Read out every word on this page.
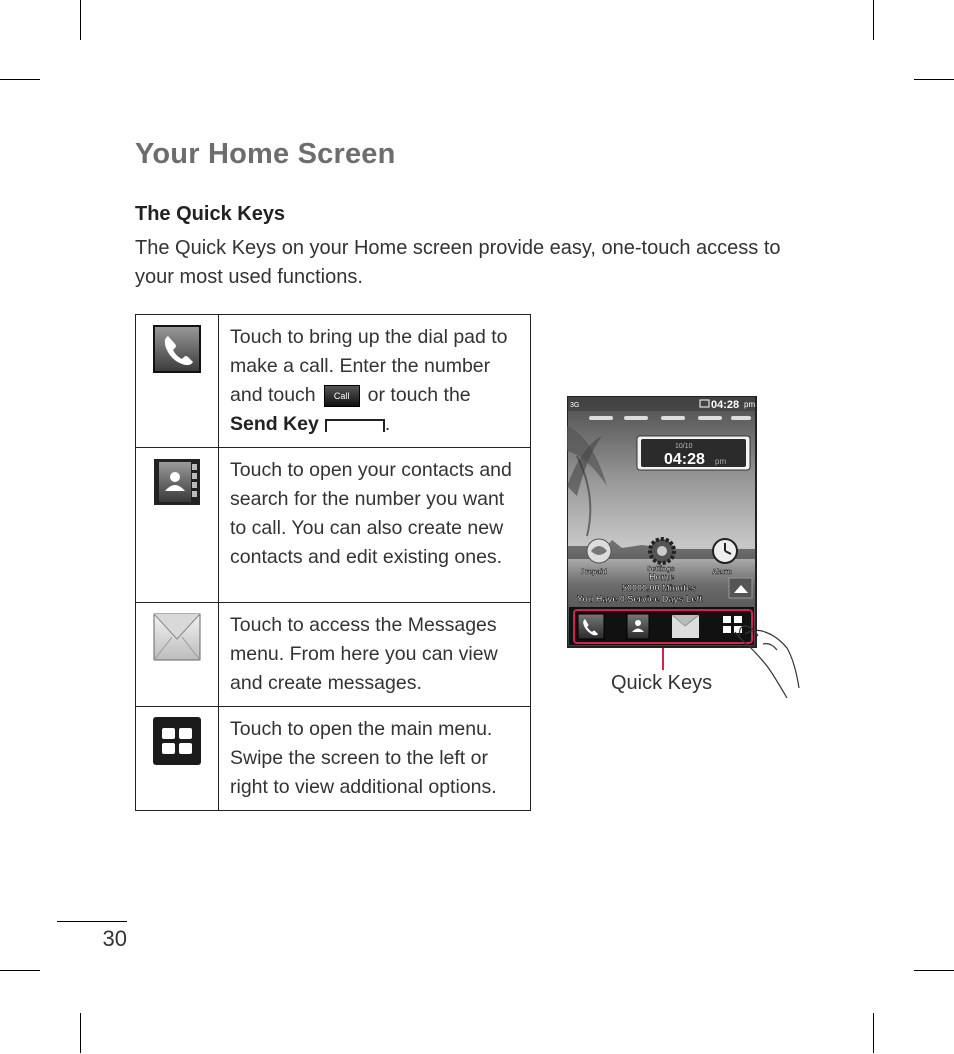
Your Home Screen
The Quick Keys
The Quick Keys on your Home screen provide easy, one-touch access to your most used functions.
	Touch to bring up the dial pad to make a call. Enter the number and touch Call or touch the Send Key .
	Touch to open your contacts and search for the number you want to call. You can also create new contacts and edit existing ones.
	Touch to access the Messages menu. From here you can view and create messages.
	Touch to open the main menu. Swipe the screen to the left or right to view additional options.
3G	04:28 pm
10/10
04:28 pm
Prepaid	Settings	Alarm
Home
50000.00 Minutes
You Have 0 Service Days Left
Quick Keys
30
